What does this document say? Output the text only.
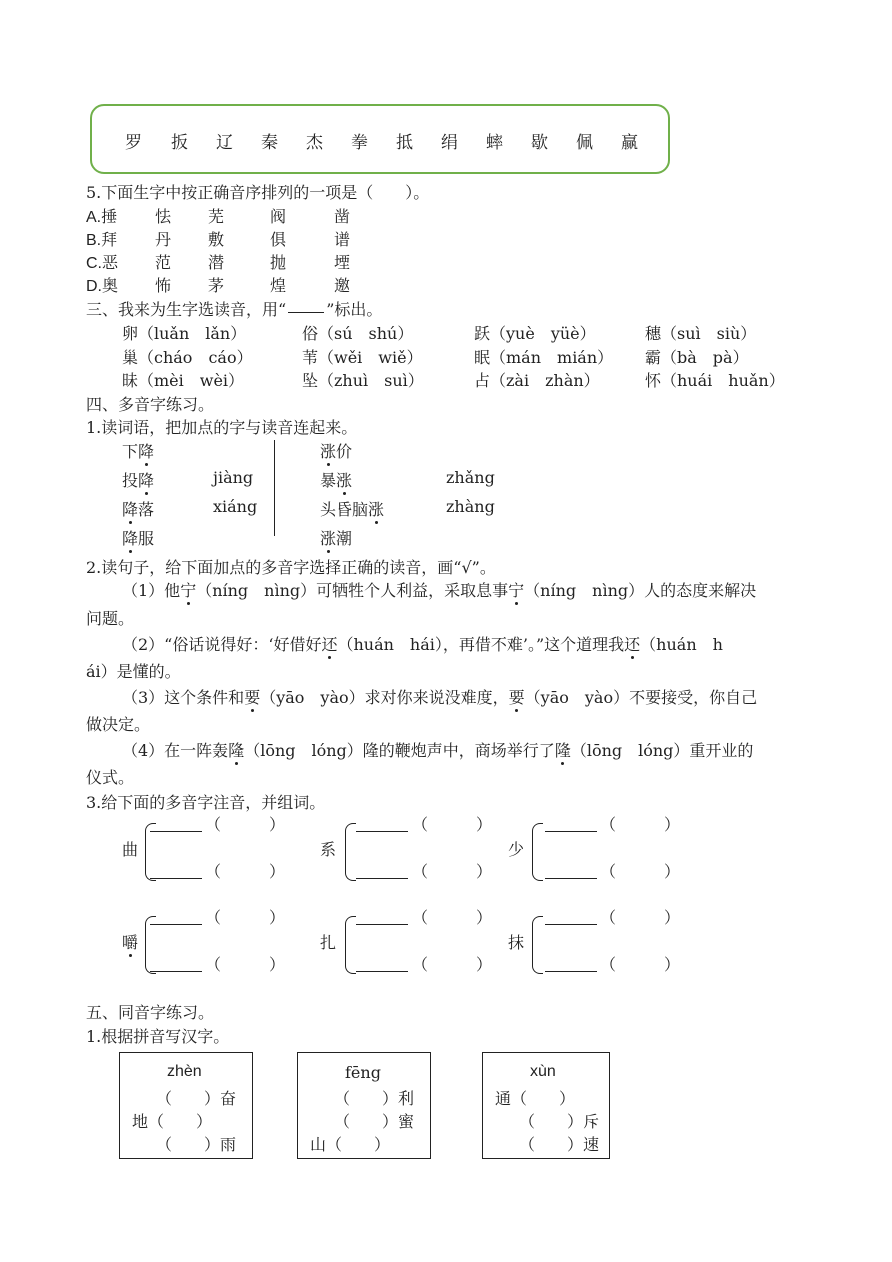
罗 扳 辽 秦 杰 拳 抵 绢 蟀 歇 佩 赢
5.下面生字中按正确音序排列的一项是（　　）。
A.捶 怯 芜	阀	凿
B.拜 丹 敷	俱	谱
C.恶 范 潜	抛	堙
D.奥 怖 茅	煌	邀
三、我来为生字选读音，用“	”标出。
卵（luǎn　lǎn）	俗（sú　shú）	跃（yuè　yüè）	穗（suì　siù）
巢（cháo　cáo）	苇（wěi　wiě）	眠（mán　mián） 霸（bà　pà）
昧（mèi　wèi）	坠（zhuì　suì）	占（zài　zhàn）	怀（huái　huǎn）
四、多音字练习。
1.读词语，把加点的字与读音连起来。
下降
投降
降落
降服
jiàng
xiáng
涨价
暴涨
头昏脑涨
涨潮
zhǎng
zhàng
2.读句子，给下面加点的多音字选择正确的读音，画“√”。
（1）他宁（níng　nìng）可牺牲个人利益，采取息事宁（níng　nìng）人的态度来解决
问题。
（2）“俗话说得好：‘好借好还（huán　hái），再借不难’。”这个道理我还（huán　h
ái）是懂的。
（3）这个条件和要（yāo　yào）求对你来说没难度，要（yāo　yào）不要接受，你自己
做决定。
（4）在一阵轰隆（lōng　lóng）隆的鞭炮声中，商场举行了隆（lōng　lóng）重开业的
仪式。
3.给下面的多音字注音，并组词。
曲
（　　　）
（　　　）
系
（　　　）
（　　　）
少
（　　　）
（　　　）
嚼
（　　　）
（　　　）
扎
（　　　）
（　　　）
抹
（　　　）
（　　　）
五、同音字练习。
1.根据拼音写汉字。
zhèn
（　　）奋
地（　　）
（　　）雨
fēng
（　　）利
（　　）蜜
山（　　）
xùn
通（　　）
（　　）斥
（　　）速
